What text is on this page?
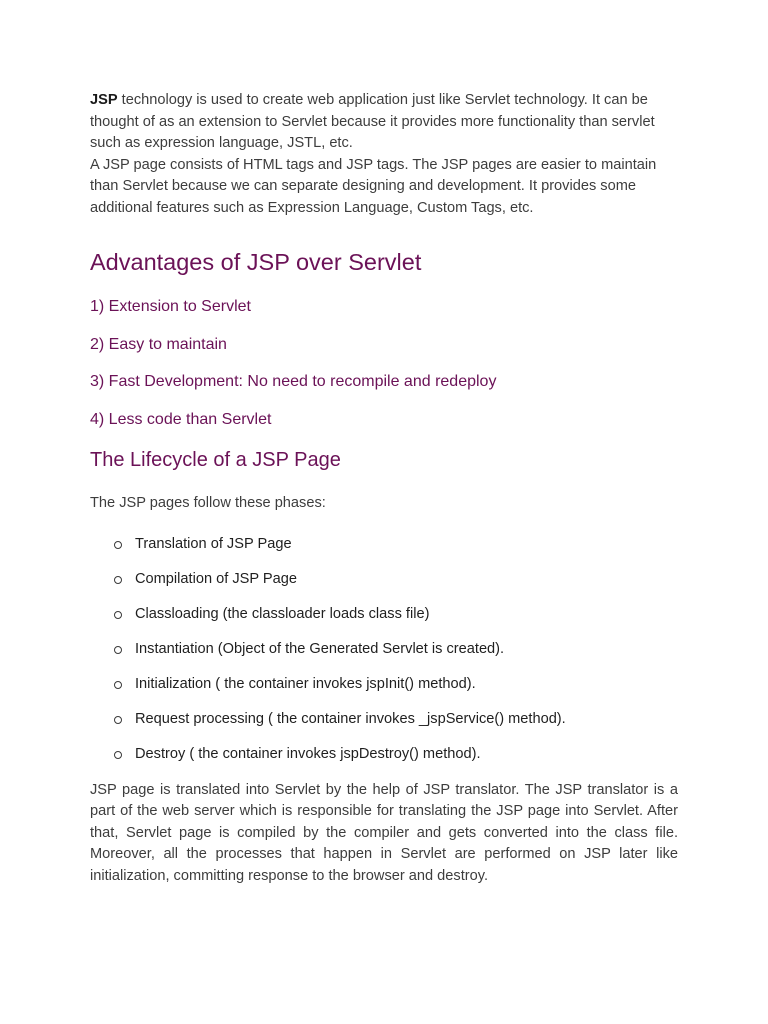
JSP technology is used to create web application just like Servlet technology. It can be thought of as an extension to Servlet because it provides more functionality than servlet such as expression language, JSTL, etc.

A JSP page consists of HTML tags and JSP tags. The JSP pages are easier to maintain than Servlet because we can separate designing and development. It provides some additional features such as Expression Language, Custom Tags, etc.

Advantages of JSP over Servlet
1) Extension to Servlet
2) Easy to maintain
3) Fast Development: No need to recompile and redeploy
4) Less code than Servlet
The Lifecycle of a JSP Page

The JSP pages follow these phases:

Translation of JSP Page
Compilation of JSP Page
Classloading (the classloader loads class file)
Instantiation (Object of the Generated Servlet is created).
Initialization ( the container invokes jspInit() method).
Request processing ( the container invokes _jspService() method).
Destroy ( the container invokes jspDestroy() method).

JSP page is translated into Servlet by the help of JSP translator. The JSP translator is a part of the web server which is responsible for translating the JSP page into Servlet. After that, Servlet page is compiled by the compiler and gets converted into the class file. Moreover, all the processes that happen in Servlet are performed on JSP later like initialization, committing response to the browser and destroy.
